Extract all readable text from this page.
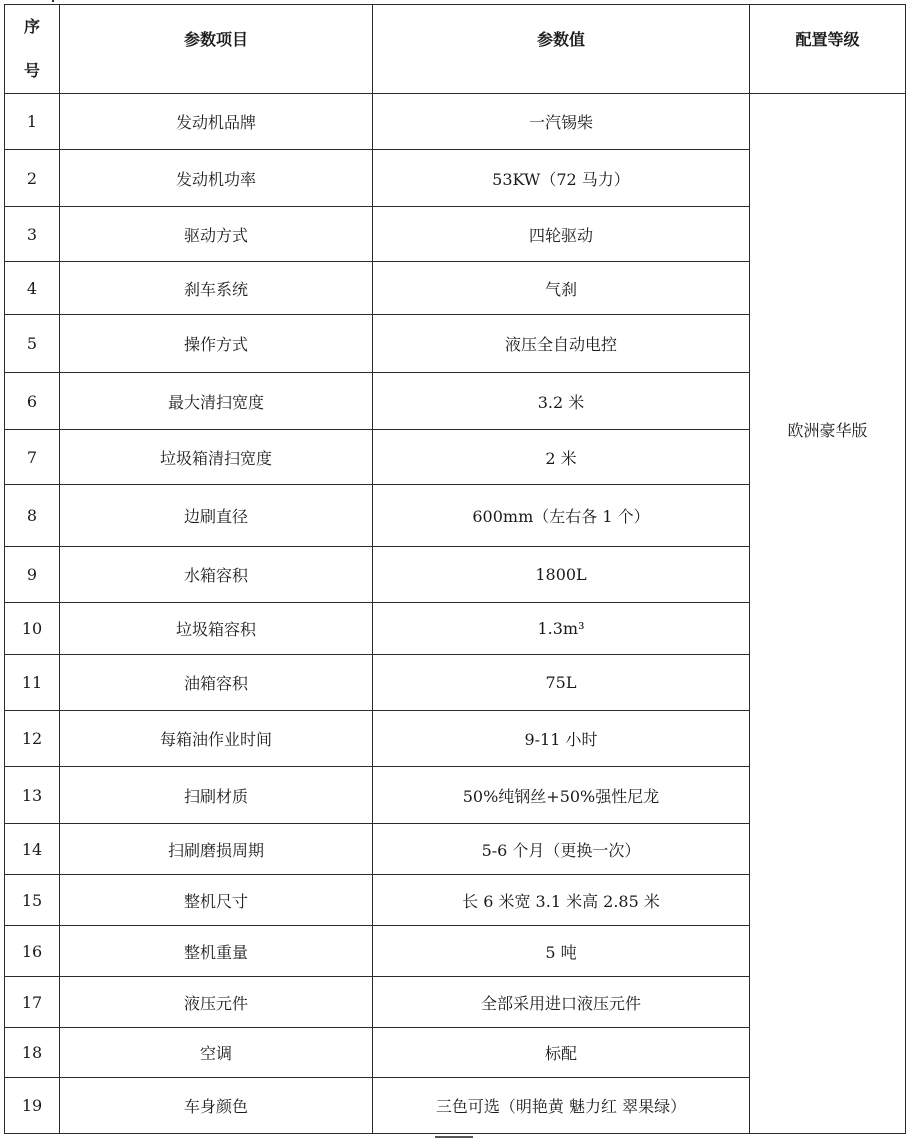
序
号	参数项目	参数值	配置等级
1	发动机品牌	一汽锡柴	欧洲豪华版
2	发动机功率	53KW（72 马力）	
3	驱动方式	四轮驱动	
4	刹车系统	气刹	
5	操作方式	液压全自动电控	
6	最大清扫宽度	3.2 米	
7	垃圾箱清扫宽度	2 米	
8	边刷直径	600mm（左右各 1 个）	
9	水箱容积	1800L	
10	垃圾箱容积	1.3m³	
11	油箱容积	75L	
12	每箱油作业时间	9-11 小时	
13	扫刷材质	50%纯钢丝+50%强性尼龙	
14	扫刷磨损周期	5-6 个月（更换一次）	
15	整机尺寸	长 6 米宽 3.1 米高 2.85 米	
16	整机重量	5 吨	
17	液压元件	全部采用进口液压元件	
18	空调	标配	
19	车身颜色	三色可选（明艳黄 魅力红 翠果绿）	
